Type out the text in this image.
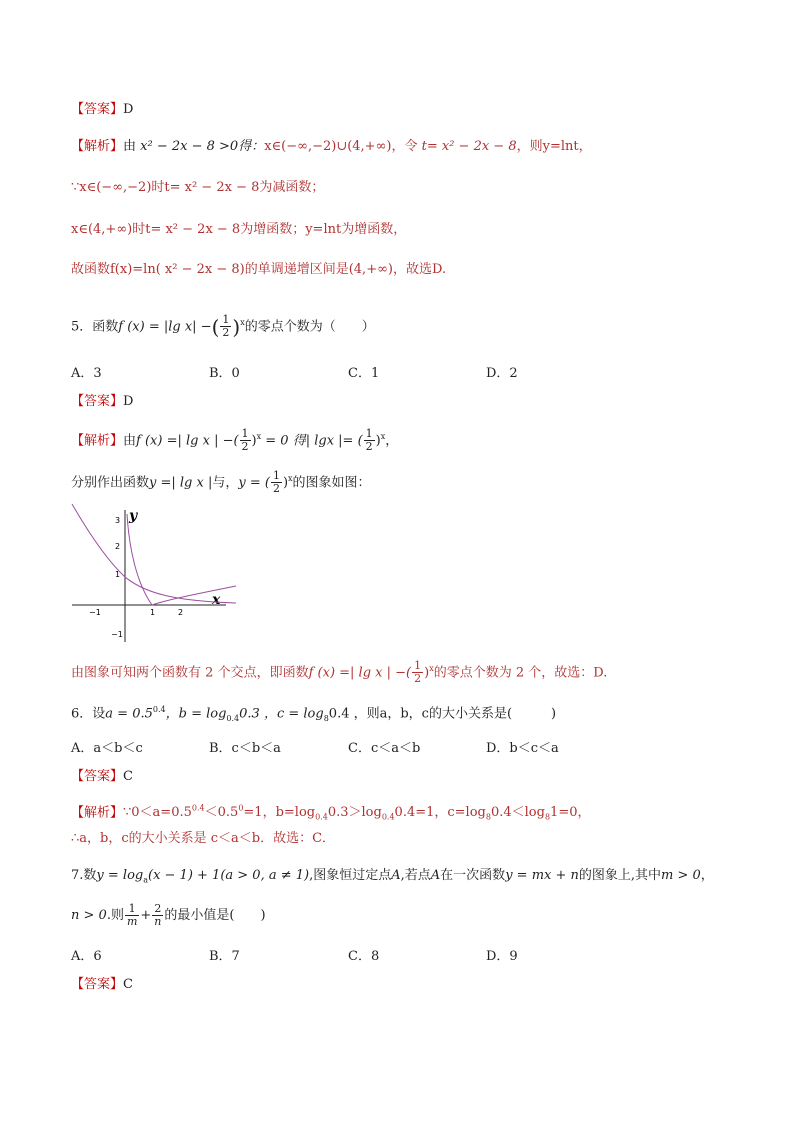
【答案】D
【解析】由 x² − 2x − 8 >0得：x∈(−∞,−2)∪(4,+∞)，令 t= x² − 2x − 8，则y=lnt，
∵x∈(−∞,−2)时t= x² − 2x − 8为减函数；
x∈(4,+∞)时t= x² − 2x − 8为增函数；y=lnt为增函数，
故函数f(x)=ln( x² − 2x − 8)的单调递增区间是(4,+∞)，故选D.
5．函数f (x) = |lg x| −( $\frac{1}{2} )^x$的零点个数为（　　）
A．3	B．0	C．1	D．2
【答案】D
【解析】由f (x) =| lg x | −( $\frac{1}{2} )^x = 0$ 得| lgx |= ( $\frac{1}{2} )^x$，
分别作出函数y =| lg x |与，y = ( $\frac{1}{2} )^x$的图象如图：
y
x
3
2
1
−1
−1	1	2
由图象可知两个函数有 2 个交点，即函数f (x) =| lg x | −( $\frac{1}{2} )^x$的零点个数为 2 个，故选：D.
6．设$a = 0.5^{0.4}$，$b = \log_{0.4}0.3$ ，$c = \log_80.4$ ，则a，b，c的大小关系是(　　　)
A．a＜b＜c	B．c＜b＜a	C．c＜a＜b	D．b＜c＜a
【答案】C
【解析】$\because 0<a=0.5^{0.4}<0.5^0=1$，$b=\log_{0.4}0.3>\log_{0.4}0.4=1$，$c=\log_80.4<\log_81=0$，
∴a，b，c的大小关系是 c＜a＜b．故选：C．
7.数$y = \log_a(x - 1) + 1(a > 0$, a ≠ 1),图象恒过定点A,若点A在一次函数y = mx + n的图象上,其中m > 0，
n > 0.则 $\frac{1}{m} + \frac{2}{n}$ 的最小值是(　　)
A．6	B．7	C．8	D．9
【答案】C
